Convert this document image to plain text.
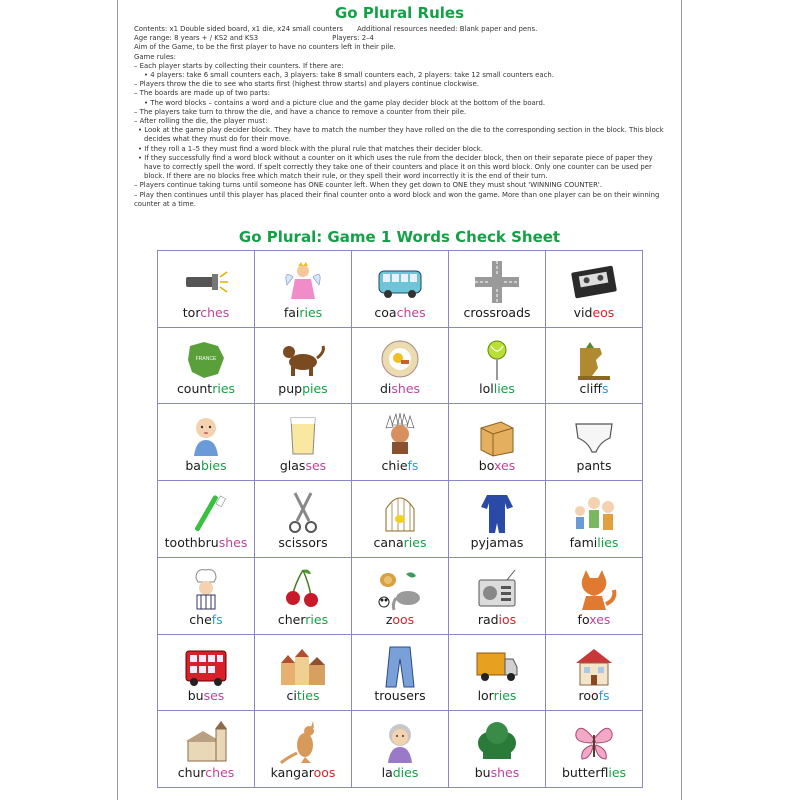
Go Plural Rules
Contents: x1 Double sided board, x1 die, x24 small counters Additional resources needed: Blank paper and pens.
Age range: 8 years + / KS2 and KS3	Players: 2–4
Aim of the Game, to be the first player to have no counters left in their pile.
Game rules:
– Each player starts by collecting their counters. If there are:
• 4 players: take 6 small counters each, 3 players: take 8 small counters each, 2 players: take 12 small counters each.
– Players throw the die to see who starts first (highest throw starts) and players continue clockwise.
– The boards are made up of two parts:
• The word blocks – contains a word and a picture clue and the game play decider block at the bottom of the board.
– The players take turn to throw the die, and have a chance to remove a counter from their pile.
– After rolling the die, the player must:
• Look at the game play decider block. They have to match the number they have rolled on the die to the corresponding section in the block. This block decides what they must do for their move.
• If they roll a 1–5 they must find a word block with the plural rule that matches their decider block.
• If they successfully find a word block without a counter on it which uses the rule from the decider block, then on their separate piece of paper they have to correctly spell the word. If spelt correctly they take one of their counters and place it on this word block. Only one counter can be used per block. If there are no blocks free which match their rule, or they spell their word incorrectly it is the end of their turn.
– Players continue taking turns until someone has ONE counter left. When they get down to ONE they must shout 'WINNING COUNTER'.
– Play then continues until this player has placed their final counter onto a word block and won the game. More than one player can be on their winning counter at a time.
Go Plural: Game 1 Words Check Sheet
torches	fairies	coaches	crossroads	videos
FRANCE
countries	puppies	dishes	lollies	cliffs
babies	glasses	chiefs	boxes	pants
toothbrushes	scissors	canaries	pyjamas	families
chefs	cherries	zoos	radios	foxes
buses	cities	trousers	lorries	roofs
churches	kangaroos	ladies	bushes	butterflies
